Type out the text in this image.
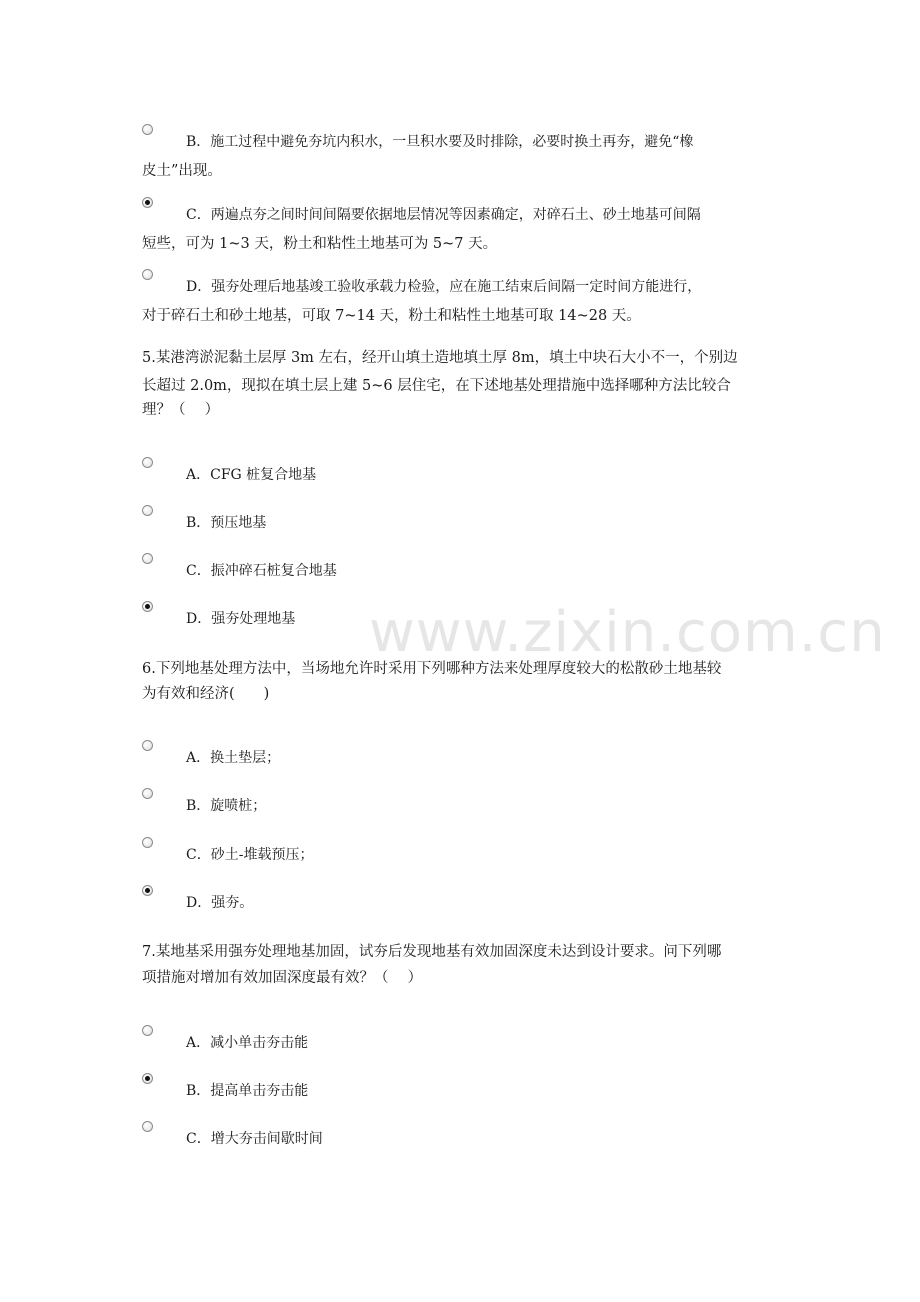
B．施工过程中避免夯坑内积水，一旦积水要及时排除，必要时换土再夯，避免“橡
皮土”出现。
C．两遍点夯之间时间间隔要依据地层情况等因素确定，对碎石土、砂土地基可间隔
短些，可为 1~3 天，粉土和粘性土地基可为 5~7 天。
D．强夯处理后地基竣工验收承载力检验，应在施工结束后间隔一定时间方能进行，
对于碎石土和砂土地基，可取 7~14 天，粉土和粘性土地基可取 14~28 天。
5.某港湾淤泥黏土层厚 3m 左右，经开山填土造地填土厚 8m，填土中块石大小不一，个别边
长超过 2.0m，现拟在填土层上建 5~6 层住宅，在下述地基处理措施中选择哪种方法比较合
理？（　 ）
A．CFG 桩复合地基
B．预压地基
C．振冲碎石桩复合地基
D．强夯处理地基 www.zixin.com.cn
6.下列地基处理方法中，当场地允许时采用下列哪种方法来处理厚度较大的松散砂土地基较
为有效和经济(　　)
A．换土垫层；
B．旋喷桩；
C．砂土-堆载预压；
D．强夯。
7.某地基采用强夯处理地基加固，试夯后发现地基有效加固深度未达到设计要求。问下列哪
项措施对增加有效加固深度最有效？（　 ）
A．减小单击夯击能
B．提高单击夯击能
C．增大夯击间歇时间
